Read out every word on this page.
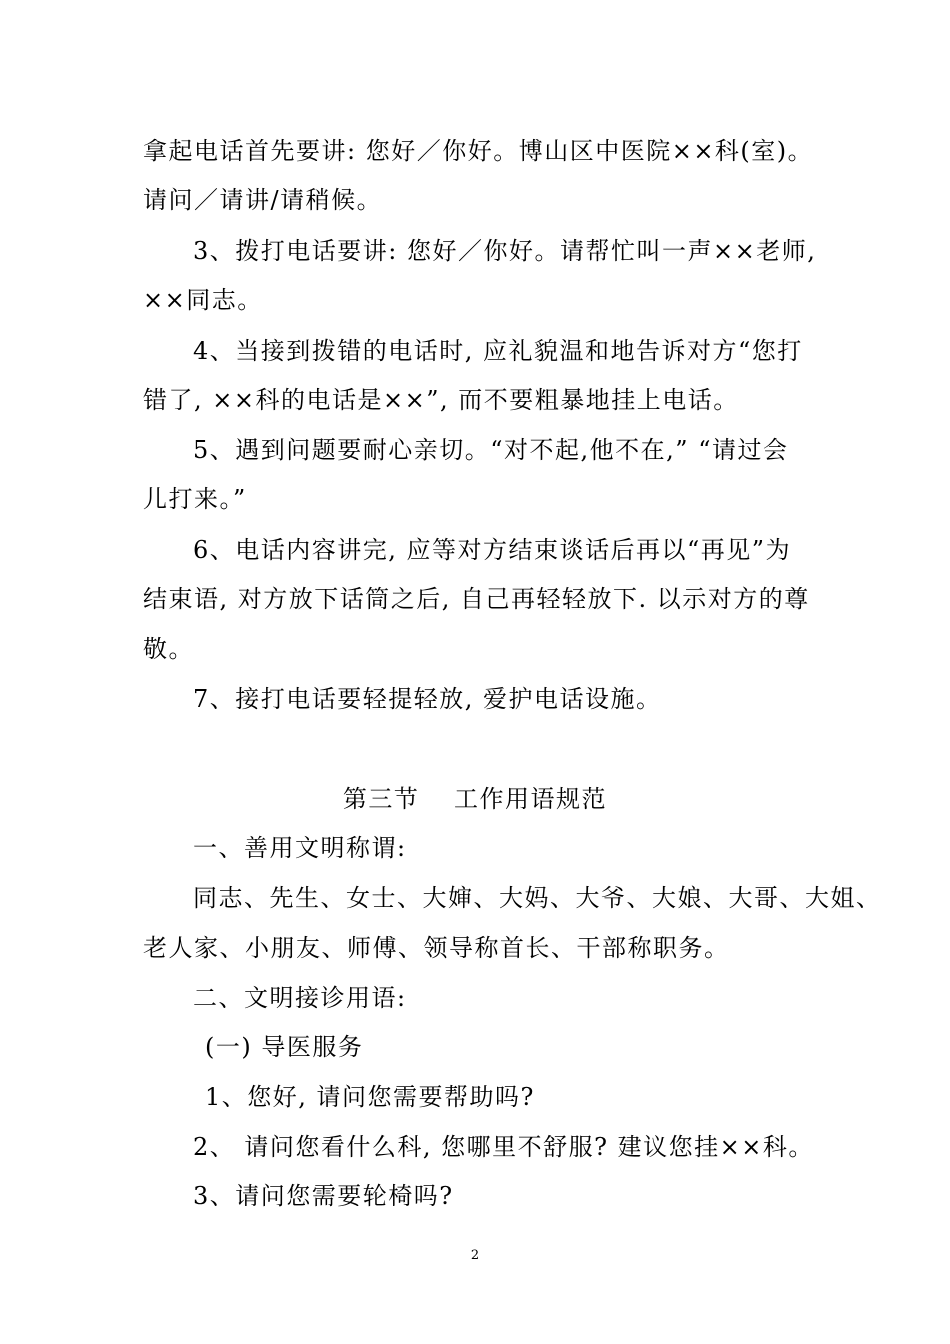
拿起电话首先要讲: 您好／你好。博山区中医院××科(室)。
请问／请讲/请稍候。
3、拨打电话要讲: 您好／你好。请帮忙叫一声××老师,
××同志。
4、当接到拨错的电话时, 应礼貌温和地告诉对方“您打
错了, ××科的电话是××”, 而不要粗暴地挂上电话。
5、遇到问题要耐心亲切。“对不起,他不在,” “请过会
儿打来。”
6、电话内容讲完, 应等对方结束谈话后再以“再见”为
结束语, 对方放下话筒之后, 自己再轻轻放下. 以示对方的尊
敬。
7、接打电话要轻提轻放, 爱护电话设施。
第三节　 工作用语规范
一、善用文明称谓:
同志、先生、女士、大婶、大妈、大爷、大娘、大哥、大姐、
老人家、小朋友、师傅、领导称首长、干部称职务。
二、文明接诊用语:
(一) 导医服务
1、您好, 请问您需要帮助吗?
2、 请问您看什么科, 您哪里不舒服? 建议您挂××科。
3、请问您需要轮椅吗?
2
